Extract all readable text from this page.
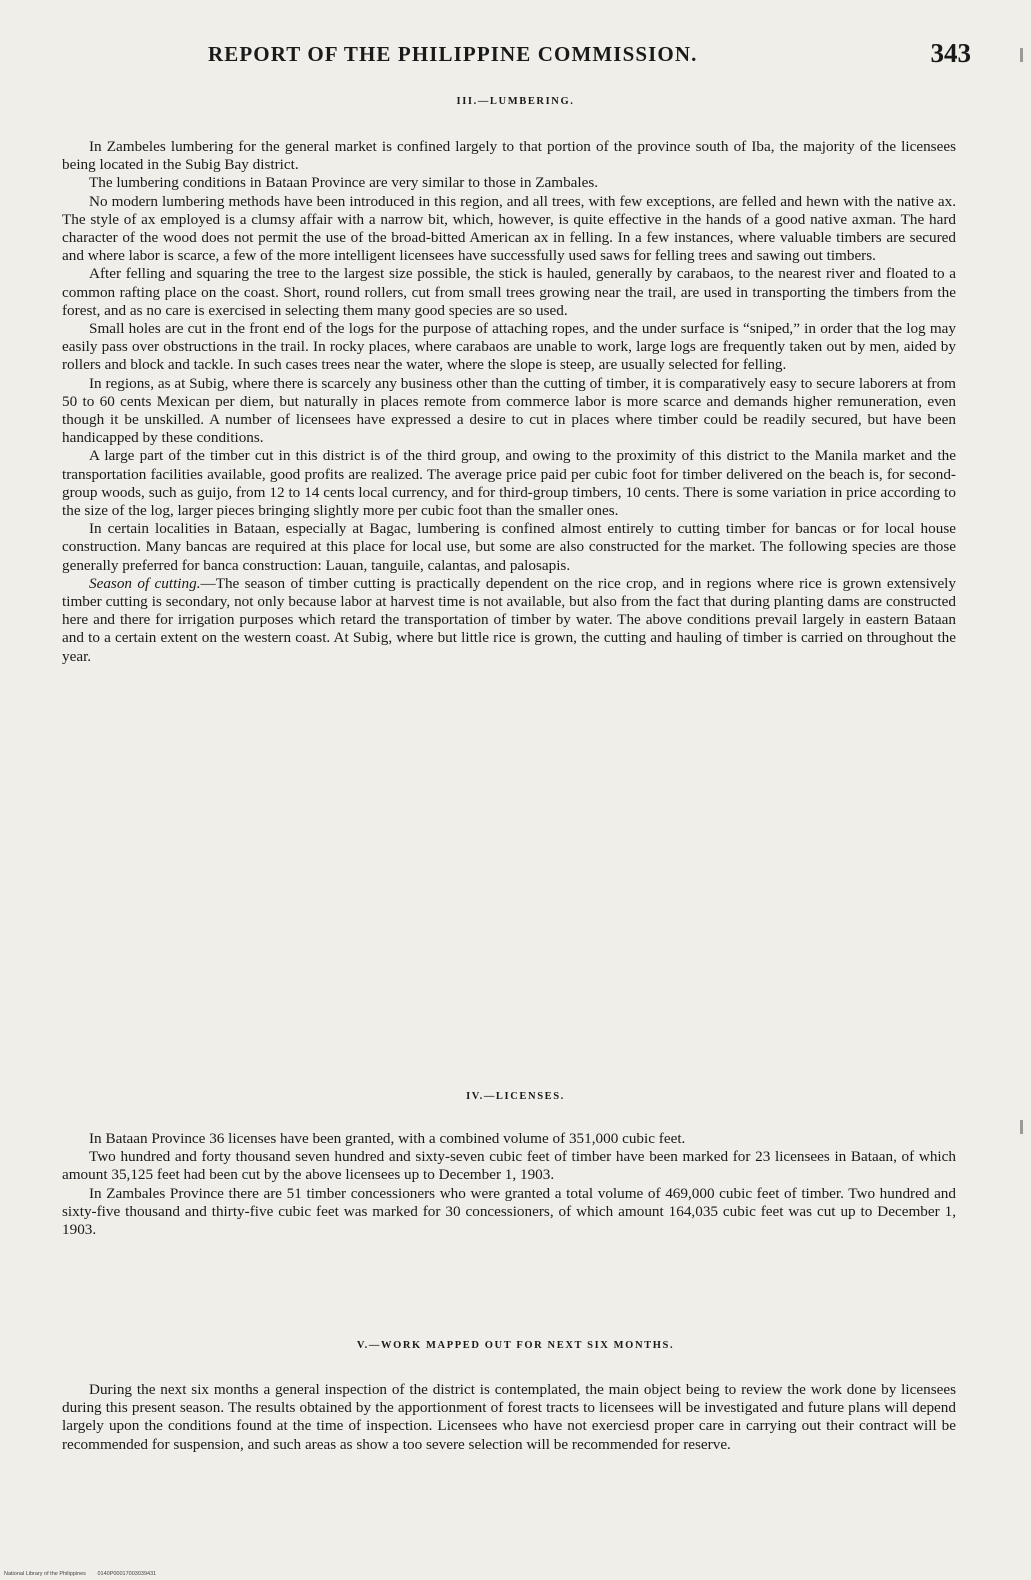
REPORT OF THE PHILIPPINE COMMISSION.	343
III.—LUMBERING.

In Zambeles lumbering for the general market is confined largely to that portion of the province south of Iba, the majority of the licensees being located in the Subig Bay district.

The lumbering conditions in Bataan Province are very similar to those in Zambales.

No modern lumbering methods have been introduced in this region, and all trees, with few exceptions, are felled and hewn with the native ax. The style of ax employed is a clumsy affair with a narrow bit, which, however, is quite effective in the hands of a good native axman. The hard character of the wood does not permit the use of the broad-bitted American ax in felling. In a few instances, where valuable timbers are secured and where labor is scarce, a few of the more intelligent licensees have successfully used saws for felling trees and sawing out timbers.

After felling and squaring the tree to the largest size possible, the stick is hauled, generally by carabaos, to the nearest river and floated to a common rafting place on the coast. Short, round rollers, cut from small trees growing near the trail, are used in transporting the timbers from the forest, and as no care is exercised in selecting them many good species are so used.

Small holes are cut in the front end of the logs for the purpose of attaching ropes, and the under surface is “sniped,” in order that the log may easily pass over obstructions in the trail. In rocky places, where carabaos are unable to work, large logs are frequently taken out by men, aided by rollers and block and tackle. In such cases trees near the water, where the slope is steep, are usually selected for felling.

In regions, as at Subig, where there is scarcely any business other than the cutting of timber, it is comparatively easy to secure laborers at from 50 to 60 cents Mexican per diem, but naturally in places remote from commerce labor is more scarce and demands higher remuneration, even though it be unskilled. A number of licensees have expressed a desire to cut in places where timber could be readily secured, but have been handicapped by these conditions.

A large part of the timber cut in this district is of the third group, and owing to the proximity of this district to the Manila market and the transportation facilities available, good profits are realized. The average price paid per cubic foot for timber delivered on the beach is, for second-group woods, such as guijo, from 12 to 14 cents local currency, and for third-group timbers, 10 cents. There is some variation in price according to the size of the log, larger pieces bringing slightly more per cubic foot than the smaller ones.

In certain localities in Bataan, especially at Bagac, lumbering is confined almost entirely to cutting timber for bancas or for local house construction. Many bancas are required at this place for local use, but some are also constructed for the market. The following species are those generally preferred for banca construction: Lauan, tanguile, calantas, and palosapis.

Season of cutting.—The season of timber cutting is practically dependent on the rice crop, and in regions where rice is grown extensively timber cutting is secondary, not only because labor at harvest time is not available, but also from the fact that during planting dams are constructed here and there for irrigation purposes which retard the transportation of timber by water. The above conditions prevail largely in eastern Bataan and to a certain extent on the western coast. At Subig, where but little rice is grown, the cutting and hauling of timber is carried on throughout the year.

IV.—LICENSES.

In Bataan Province 36 licenses have been granted, with a combined volume of 351,000 cubic feet.

Two hundred and forty thousand seven hundred and sixty-seven cubic feet of timber have been marked for 23 licensees in Bataan, of which amount 35,125 feet had been cut by the above licensees up to December 1, 1903.

In Zambales Province there are 51 timber concessioners who were granted a total volume of 469,000 cubic feet of timber. Two hundred and sixty-five thousand and thirty-five cubic feet was marked for 30 concessioners, of which amount 164,035 cubic feet was cut up to December 1, 1903.

V.—WORK MAPPED OUT FOR NEXT SIX MONTHS.

During the next six months a general inspection of the district is contemplated, the main object being to review the work done by licensees during this present season. The results obtained by the apportionment of forest tracts to licensees will be investigated and future plans will depend largely upon the conditions found at the time of inspection. Licensees who have not exerciesd proper care in carrying out their contract will be recommended for suspension, and such areas as show a too severe selection will be recommended for reserve.

National Library of the Philippines 0140P00017003039431
